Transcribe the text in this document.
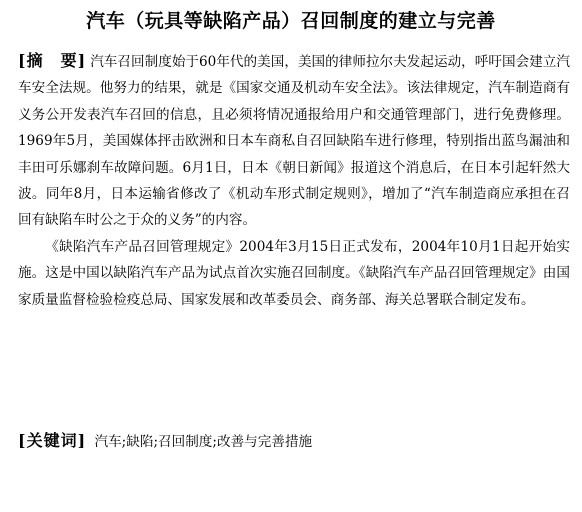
汽车（玩具等缺陷产品）召回制度的建立与完善

[摘　要] 汽车召回制度始于60年代的美国，美国的律师拉尔夫发起运动，呼吁国会建立汽车安全法规。他努力的结果，就是《国家交通及机动车安全法》。该法律规定，汽车制造商有义务公开发表汽车召回的信息，且必须将情况通报给用户和交通管理部门，进行免费修理。1969年5月，美国媒体抨击欧洲和日本车商私自召回缺陷车进行修理，特别指出蓝鸟漏油和丰田可乐娜刹车故障问题。6月1日，日本《朝日新闻》报道这个消息后，在日本引起轩然大波。同年8月，日本运输省修改了《机动车形式制定规则》，增加了“汽车制造商应承担在召回有缺陷车时公之于众的义务”的内容。

《缺陷汽车产品召回管理规定》2004年3月15日正式发布，2004年10月1日起开始实施。这是中国以缺陷汽车产品为试点首次实施召回制度。《缺陷汽车产品召回管理规定》由国家质量监督检验检疫总局、国家发展和改革委员会、商务部、海关总署联合制定发布。

[关键词] 汽车;缺陷;召回制度;改善与完善措施
